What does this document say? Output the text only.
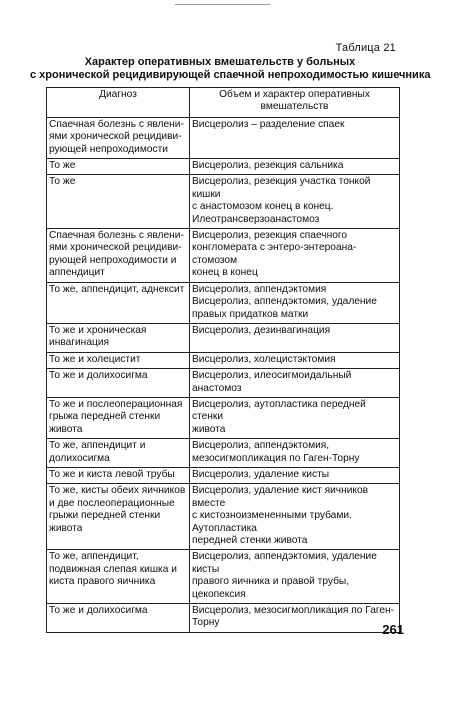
Таблица 21
Характер оперативных вмешательств у больных
с хронической рецидивирующей спаечной непроходимостью кишечника
Диагноз	Объем и характер оперативных
вмешательств

Спаечная болезнь с явлени-
ями хронической рецидиви-
рующей непроходимости	Висцеролиз – разделение спаек

То же	Висцеролиз, резекция сальника

То же	Висцеролиз, резекция участка тонкой кишки
с анастомозом конец в конец.
Илеотрансверзоанастомоз

Спаечная болезнь с явлени-
ями хронической рецидиви-
рующей непроходимости и
аппендицит	Висцеролиз, резекция спаечного
конгломерата с энтеро-энтероана-стомозом
конец в конец

То же, аппендицит, аднексит	Висцеролиз, аппендэктомия
Висцеролиз, аппендэктомия, удаление
правых придатков матки

То же и хроническая
инвагинация	Висцеролиз, дезинвагинация

То же и холецистит	Висцеролиз, холецистэктомия

То же и долихосигма	Висцеролиз, илеосигмоидальный анастомоз

То же и послеоперационная
грыжа передней стенки
живота	Висцеролиз, аутопластика передней стенки
живота

То же, аппендицит и
долихосигма	Висцеролиз, аппендэктомия,
мезосигмопликация по Гаген-Торну

То же и киста левой трубы	Висцеролиз, удаление кисты

То же, кисты обеих яичников
и две послеоперационные
грыжи передней стенки
живота	Висцеролиз, удаление кист яичников вместе
с кистозноизмененными трубами. Аутопластика
передней стенки живота

То же, аппендицит,
подвижная слепая кишка и
киста правого яичника	Висцеролиз, аппендэктомия, удаление кисты
правого яичника и правой трубы, цекопексия

То же и долихосигма	Висцеролиз, мезосигмопликация по Гаген-
Торну	261
